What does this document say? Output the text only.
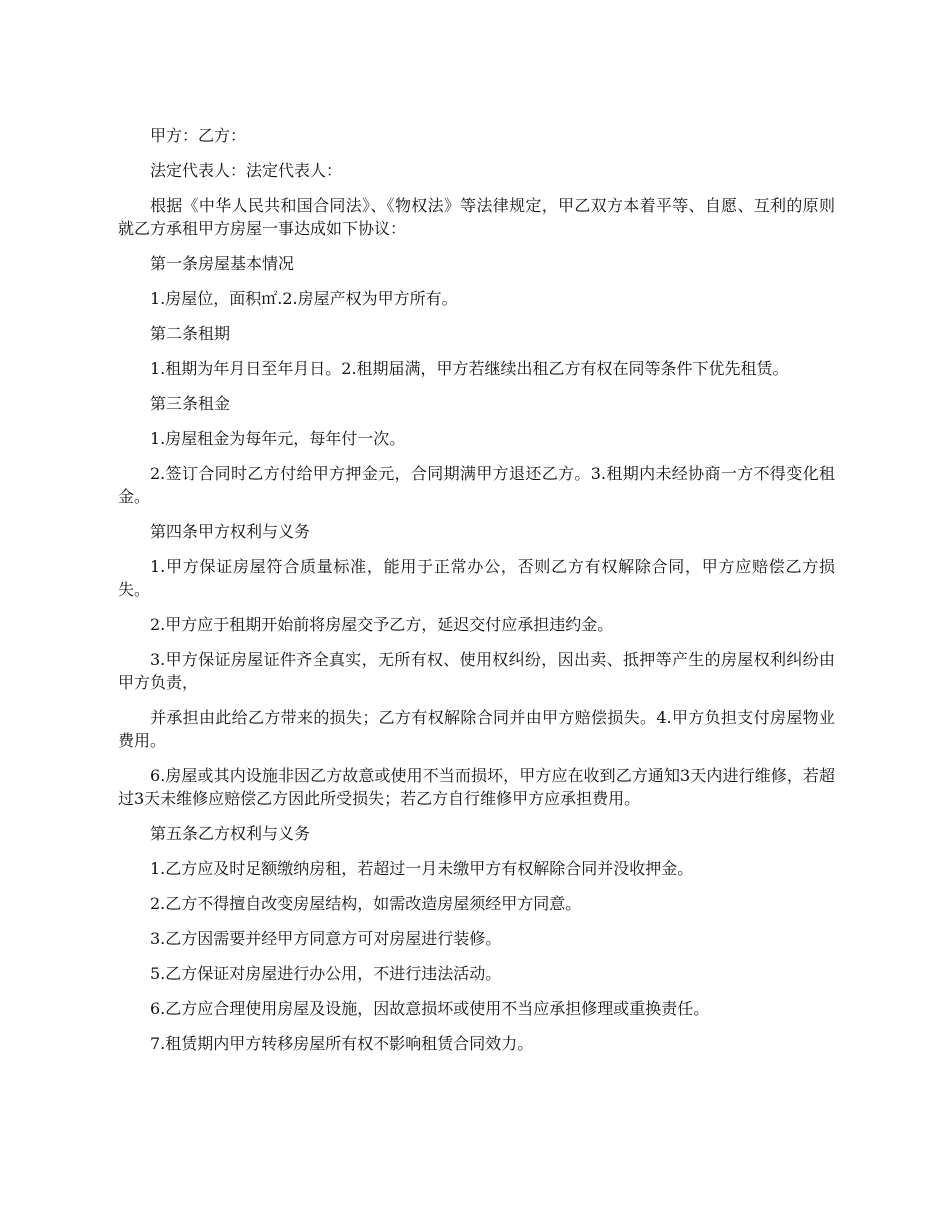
甲方：乙方：

法定代表人：法定代表人：

根据《中华人民共和国合同法》、《物权法》等法律规定，甲乙双方本着平等、自愿、互利的原则就乙方承租甲方房屋一事达成如下协议：

第一条房屋基本情况

1.房屋位，面积㎡.2.房屋产权为甲方所有。

第二条租期

1.租期为年月日至年月日。2.租期届满，甲方若继续出租乙方有权在同等条件下优先租赁。

第三条租金

1.房屋租金为每年元，每年付一次。

2.签订合同时乙方付给甲方押金元，合同期满甲方退还乙方。3.租期内未经协商一方不得变化租金。

第四条甲方权利与义务

1.甲方保证房屋符合质量标准，能用于正常办公，否则乙方有权解除合同，甲方应赔偿乙方损失。

2.甲方应于租期开始前将房屋交予乙方，延迟交付应承担违约金。

3.甲方保证房屋证件齐全真实，无所有权、使用权纠纷，因出卖、抵押等产生的房屋权利纠纷由甲方负责，

并承担由此给乙方带来的损失；乙方有权解除合同并由甲方赔偿损失。4.甲方负担支付房屋物业费用。

6.房屋或其内设施非因乙方故意或使用不当而损坏，甲方应在收到乙方通知3天内进行维修，若超过3天未维修应赔偿乙方因此所受损失；若乙方自行维修甲方应承担费用。

第五条乙方权利与义务

1.乙方应及时足额缴纳房租，若超过一月未缴甲方有权解除合同并没收押金。

2.乙方不得擅自改变房屋结构，如需改造房屋须经甲方同意。

3.乙方因需要并经甲方同意方可对房屋进行装修。

5.乙方保证对房屋进行办公用，不进行违法活动。

6.乙方应合理使用房屋及设施，因故意损坏或使用不当应承担修理或重换责任。

7.租赁期内甲方转移房屋所有权不影响租赁合同效力。
